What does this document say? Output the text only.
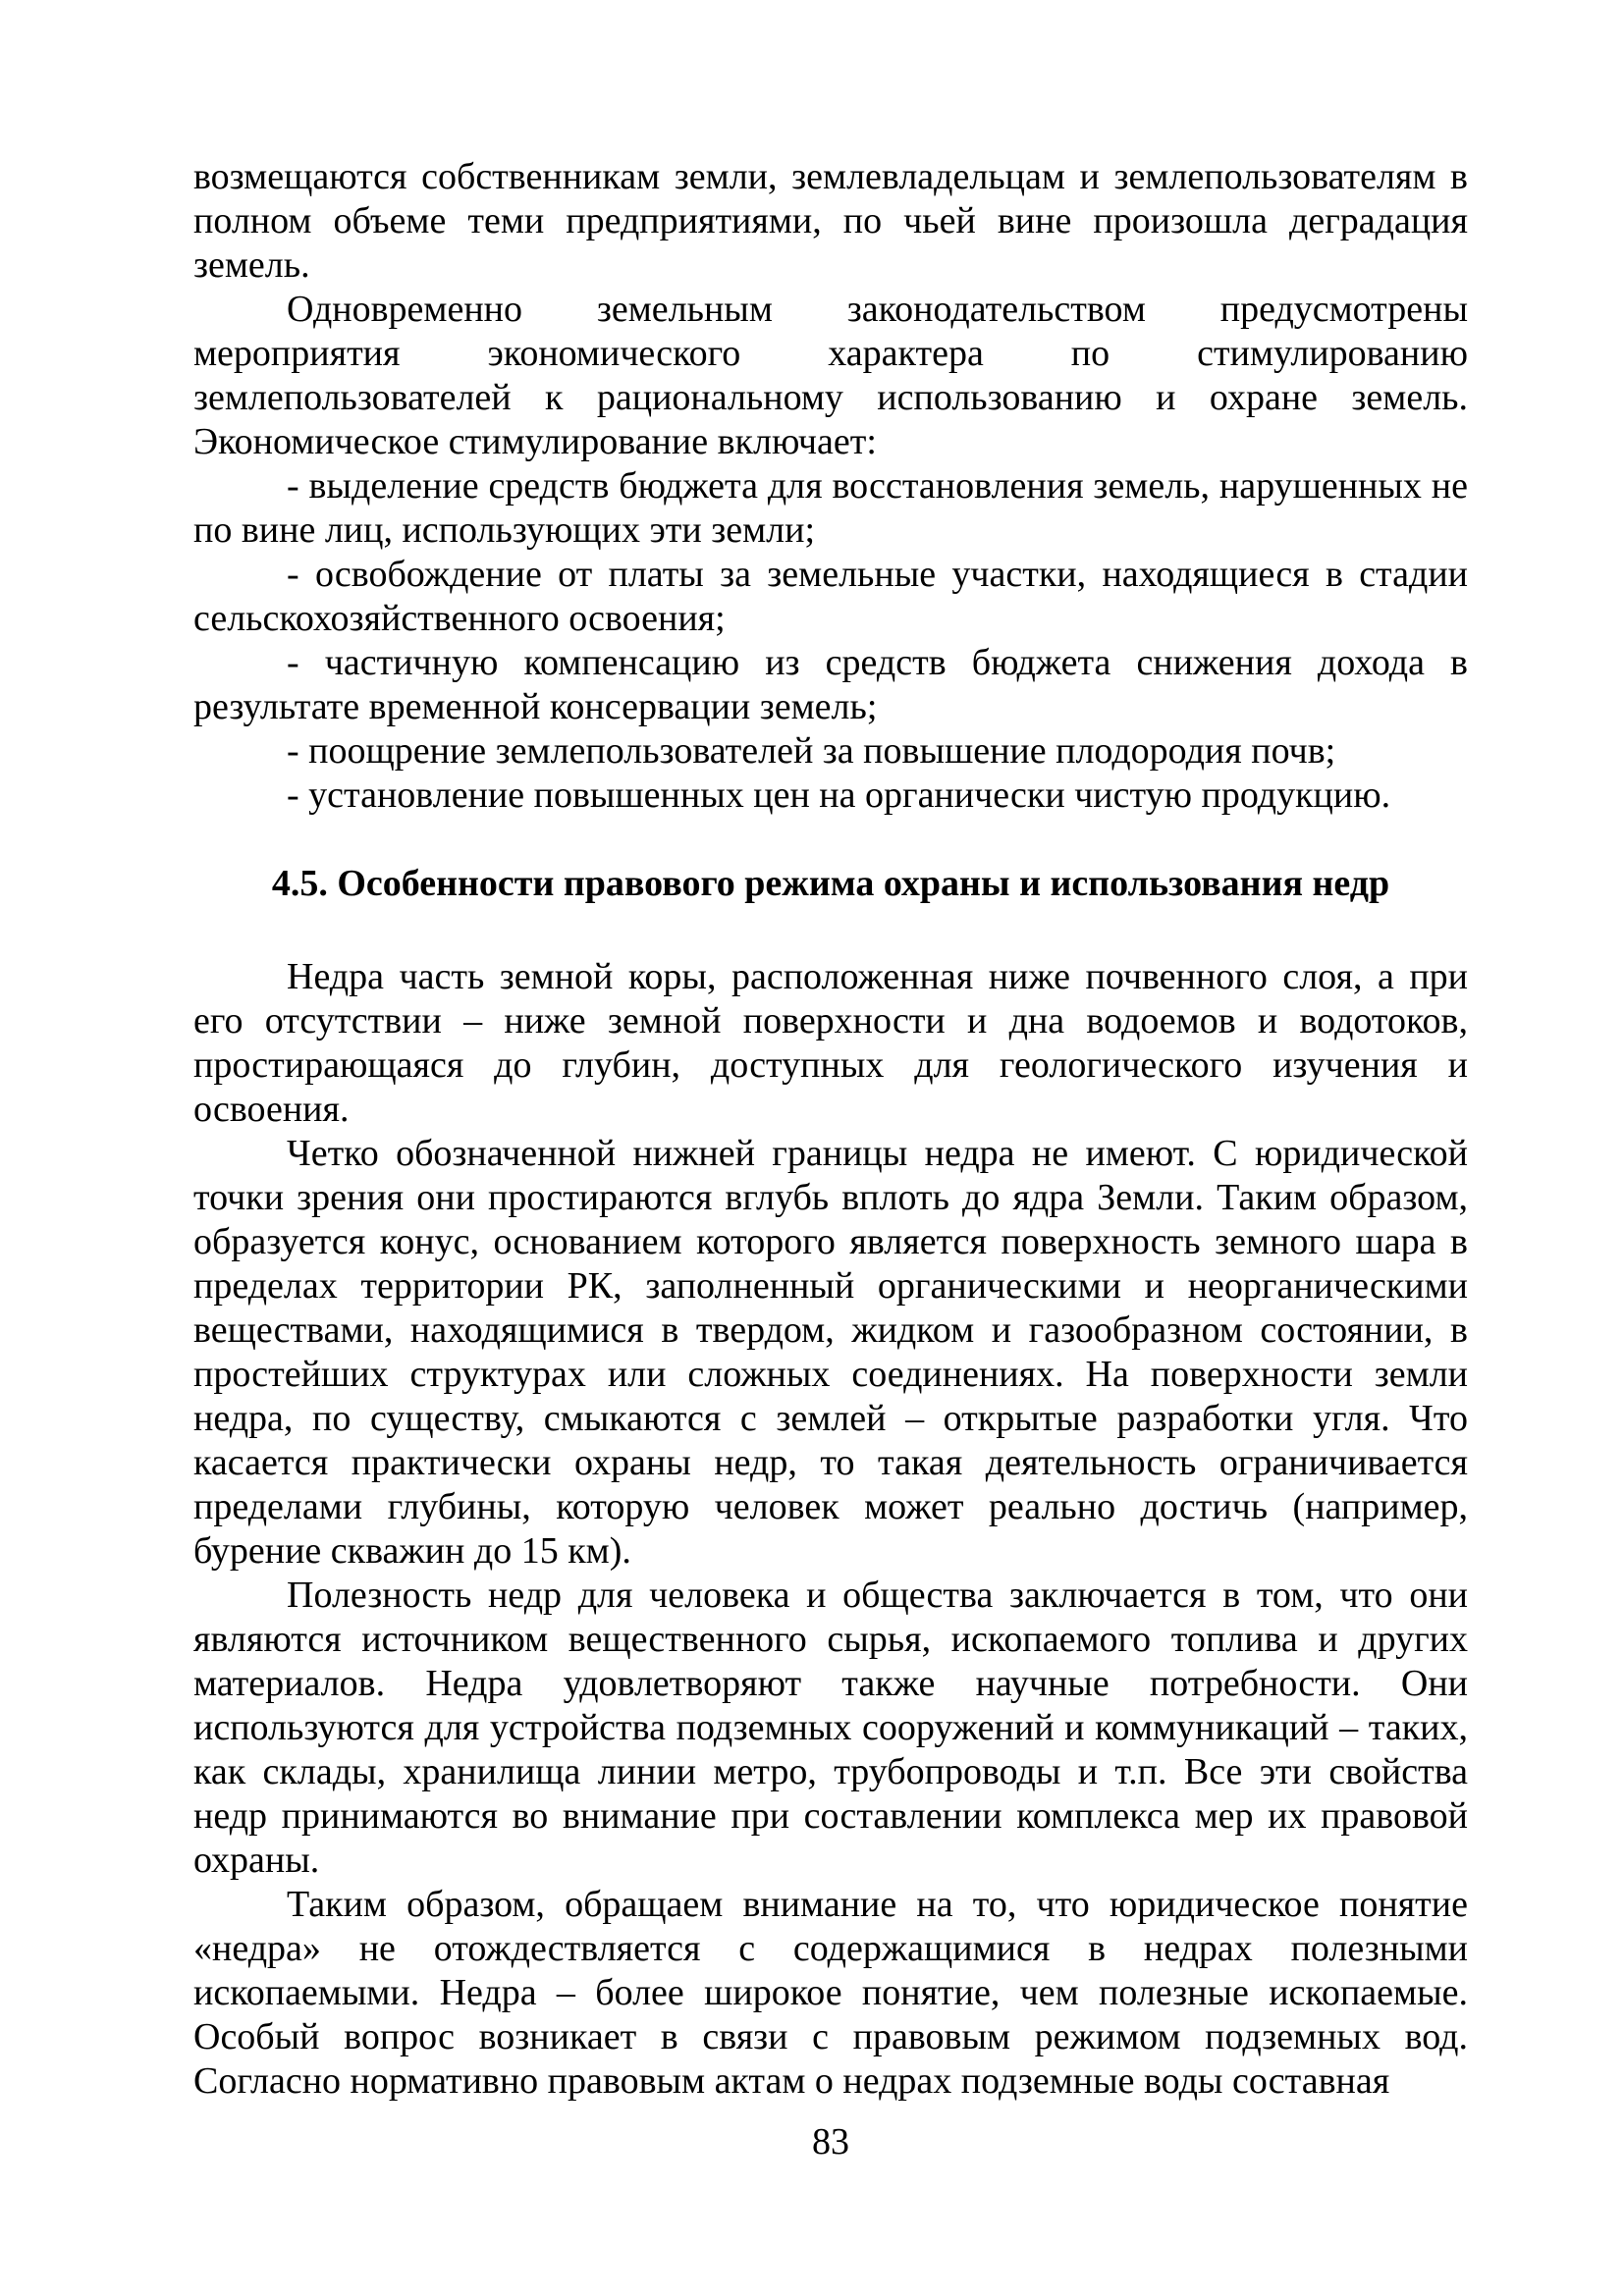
возмещаются собственникам земли, землевладельцам и землепользователям в полном объеме теми предприятиями, по чьей вине произошла деградация земель.

Одновременно земельным законодательством предусмотрены мероприятия экономического характера по стимулированию землепользователей к рациональному использованию и охране земель. Экономическое стимулирование включает:

- выделение средств бюджета для восстановления земель, нарушенных не по вине лиц, использующих эти земли;

- освобождение от платы за земельные участки, находящиеся в стадии сельскохозяйственного освоения;

- частичную компенсацию из средств бюджета снижения дохода в результате временной консервации земель;

- поощрение землепользователей за повышение плодородия почв;

- установление повышенных цен на органически чистую продукцию.

4.5. Особенности правового режима охраны и использования недр

Недра часть земной коры, расположенная ниже почвенного слоя, а при его отсутствии – ниже земной поверхности и дна водоемов и водотоков, простирающаяся до глубин, доступных для геологического изучения и освоения.

Четко обозначенной нижней границы недра не имеют. С юридической точки зрения они простираются вглубь вплоть до ядра Земли. Таким образом, образуется конус, основанием которого является поверхность земного шара в пределах территории РК, заполненный органическими и неорганическими веществами, находящимися в твердом, жидком и газообразном состоянии, в простейших структурах или сложных соединениях. На поверхности земли недра, по существу, смыкаются с землей – открытые разработки угля. Что касается практически охраны недр, то такая деятельность ограничивается пределами глубины, которую человек может реально достичь (например, бурение скважин до 15 км).

Полезность недр для человека и общества заключается в том, что они являются источником вещественного сырья, ископаемого топлива и других материалов. Недра удовлетворяют также научные потребности. Они используются для устройства подземных сооружений и коммуникаций – таких, как склады, хранилища линии метро, трубопроводы и т.п. Все эти свойства недр принимаются во внимание при составлении комплекса мер их правовой охраны.

Таким образом, обращаем внимание на то, что юридическое понятие «недра» не отождествляется с содержащимися в недрах полезными ископаемыми. Недра – более широкое понятие, чем полезные ископаемые. Особый вопрос возникает в связи с правовым режимом подземных вод. Согласно нормативно правовым актам о недрах подземные воды составная

83
